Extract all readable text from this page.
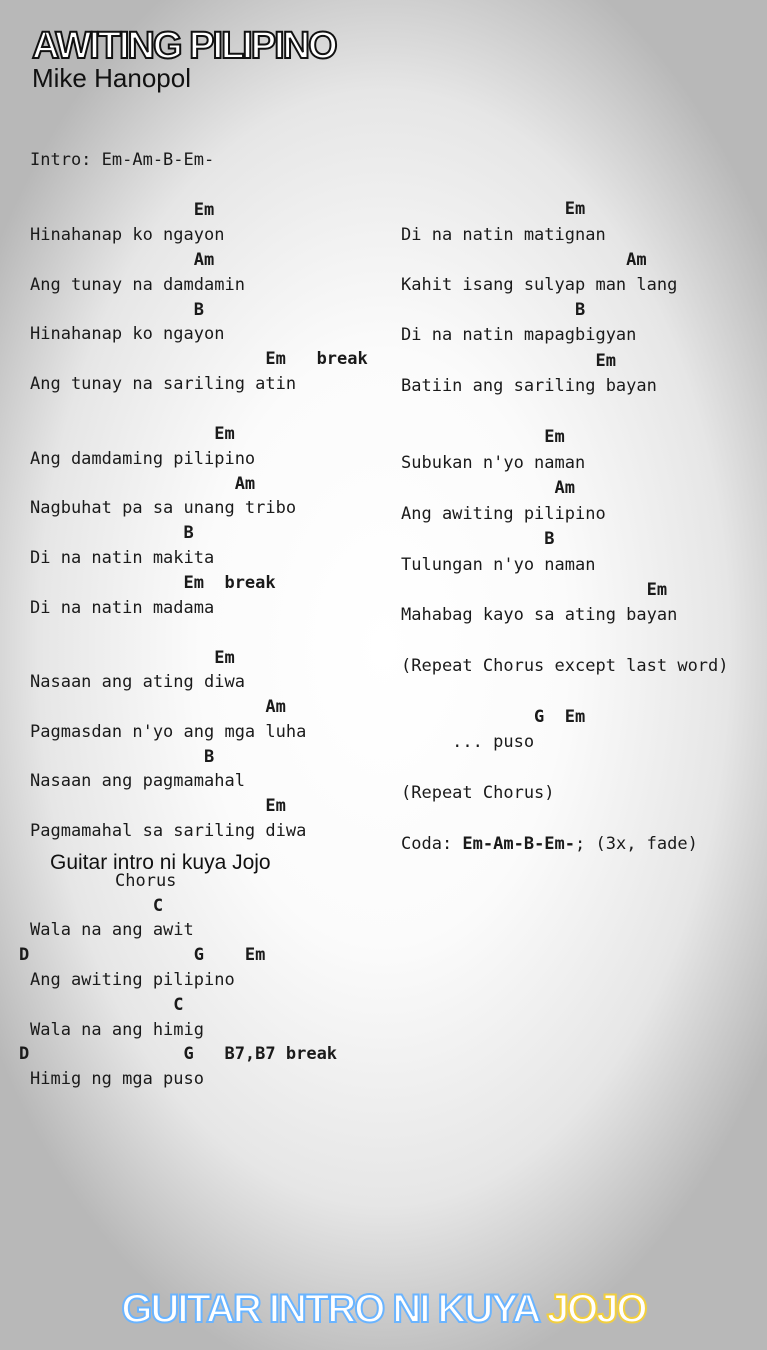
AWITING PILIPINO
Mike Hanopol
Intro: Em-Am-B-Em-
Em
Hinahanap ko ngayon
Am
Ang tunay na damdamin
B
Hinahanap ko ngayon
Em   break
Ang tunay na sariling atin
Em
Ang damdaming pilipino
Am
Nagbuhat pa sa unang tribo
B
Di na natin makita
Em  break
Di na natin madama
Em
Nasaan ang ating diwa
Am
Pagmasdan n'yo ang mga luha
B
Nasaan ang pagmamahal
Em
Pagmamahal sa sariling diwa
Guitar intro ni kuya Jojo
Chorus
C
Wala na ang awit
D G    Em
Ang awiting pilipino
C
Wala na ang himig
D G   B7,B7 break
Himig ng mga puso
Em
Di na natin matignan
Am
Kahit isang sulyap man lang
B
Di na natin mapagbigyan
Em
Batiin ang sariling bayan
Em
Subukan n'yo naman
Am
Ang awiting pilipino
B
Tulungan n'yo naman
Em
Mahabag kayo sa ating bayan
(Repeat Chorus except last word)
G  Em
... puso
(Repeat Chorus)
Coda: Em-Am-B-Em-; (3x, fade)
GUITAR INTRO NI KUYA JOJO
